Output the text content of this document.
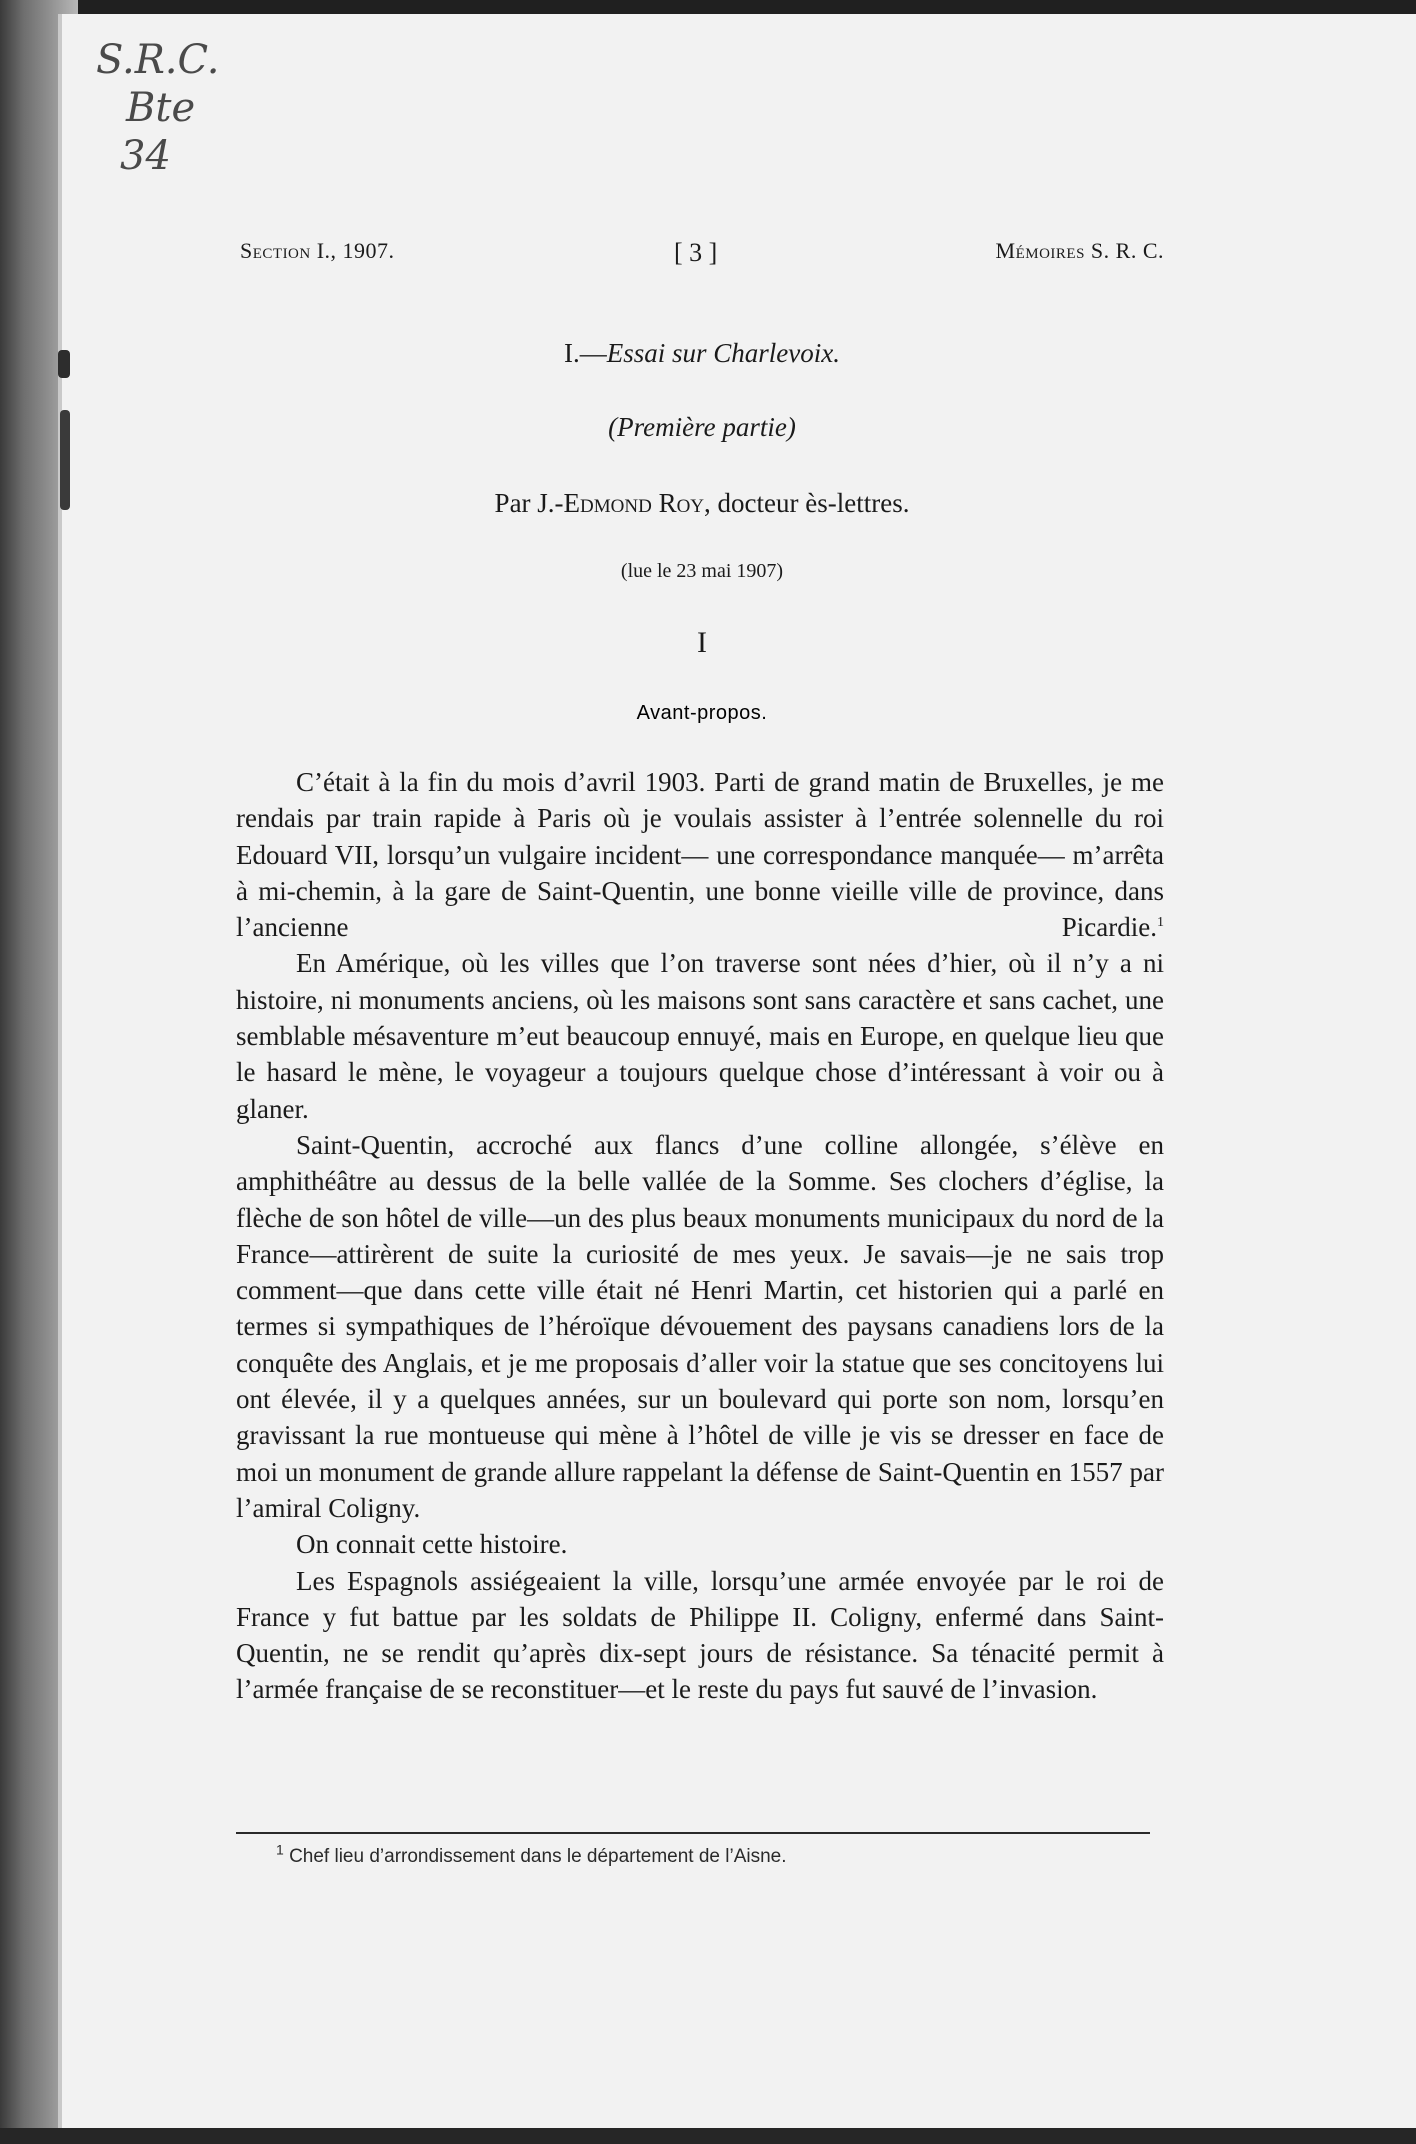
S.R.C.
Bte
34
Section I., 1907.	[ 3 ]	Mémoires S. R. C.
I.—Essai sur Charlevoix.
(Première partie)
Par J.-Edmond Roy, docteur ès-lettres.
(lue le 23 mai 1907)
I
Avant-propos.

C’était à la fin du mois d’avril 1903. Parti de grand matin de Bruxelles, je me rendais par train rapide à Paris où je voulais assister à l’entrée solennelle du roi Edouard VII, lorsqu’un vulgaire incident— une correspondance manquée— m’arrêta à mi-chemin, à la gare de Saint-Quentin, une bonne vieille ville de province, dans l’ancienne Picardie.$^1$

En Amérique, où les villes que l’on traverse sont nées d’hier, où il n’y a ni histoire, ni monuments anciens, où les maisons sont sans caractère et sans cachet, une semblable mésaventure m’eut beaucoup ennuyé, mais en Europe, en quelque lieu que le hasard le mène, le voyageur a toujours quelque chose d’intéressant à voir ou à glaner.

Saint-Quentin, accroché aux flancs d’une colline allongée, s’élève en amphithéâtre au dessus de la belle vallée de la Somme. Ses clochers d’église, la flèche de son hôtel de ville—un des plus beaux monuments municipaux du nord de la France—attirèrent de suite la curiosité de mes yeux. Je savais—je ne sais trop comment—que dans cette ville était né Henri Martin, cet historien qui a parlé en termes si sympathiques de l’héroïque dévouement des paysans canadiens lors de la conquête des Anglais, et je me proposais d’aller voir la statue que ses concitoyens lui ont élevée, il y a quelques années, sur un boulevard qui porte son nom, lorsqu’en gravissant la rue montueuse qui mène à l’hôtel de ville je vis se dresser en face de moi un monument de grande allure rappelant la défense de Saint-Quentin en 1557 par l’amiral Coligny.

On connait cette histoire.

Les Espagnols assiégeaient la ville, lorsqu’une armée envoyée par le roi de France y fut battue par les soldats de Philippe II. Coligny, enfermé dans Saint-Quentin, ne se rendit qu’après dix-sept jours de résistance. Sa ténacité permit à l’armée française de se reconstituer—et le reste du pays fut sauvé de l’invasion.

$^1$ Chef lieu d’arrondissement dans le département de l’Aisne.
